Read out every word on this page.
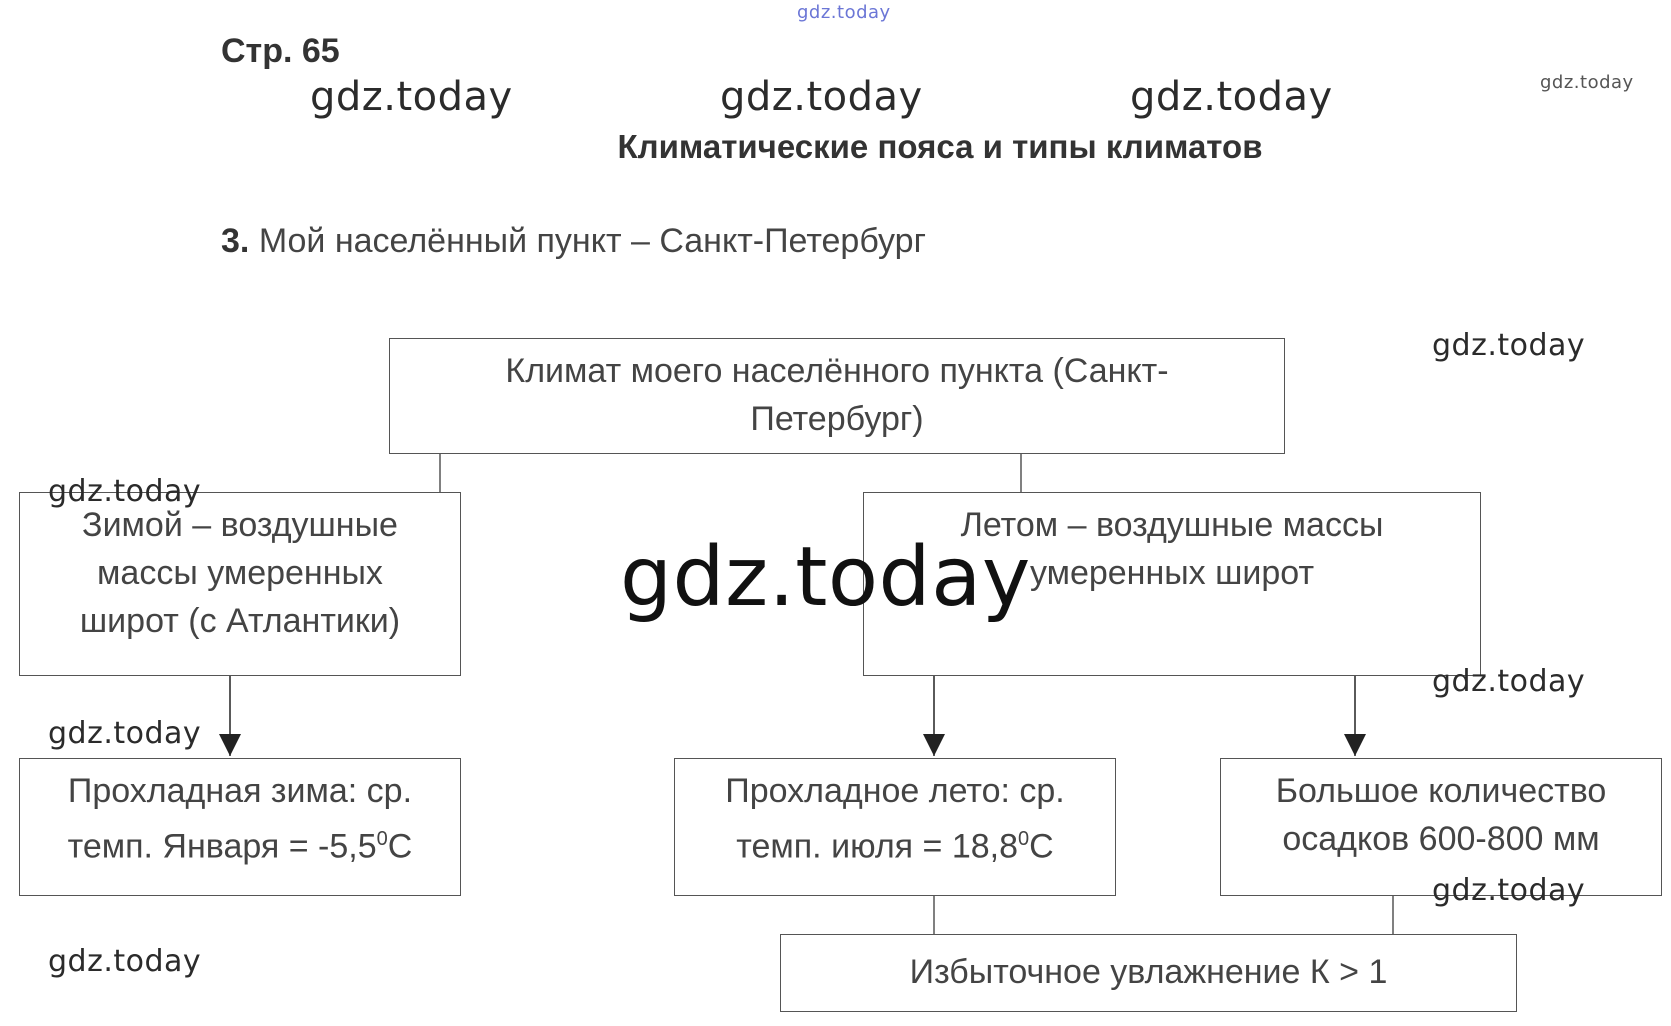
Стр. 65
Климатические пояса и типы климатов
3. Мой населённый пункт – Санкт-Петербург
Климат моего населённого пункта (Санкт-
Петербург)
Зимой – воздушные
массы умеренных
широт (с Атлантики)
Летом – воздушные массы
умеренных широт
Прохладная зима: ср.
темп. Января = $-5,5^0С$
Прохладное лето: ср.
темп. июля = $18,8^0С$
Большое количество
осадков 600-800 мм
Избыточное увлажнение К > 1
gdz.today
gdz.today	gdz.today	gdz.today	gdz.today
gdz.today
gdz.today
gdz.today
gdz.today
gdz.today
gdz.today
gdz.today
